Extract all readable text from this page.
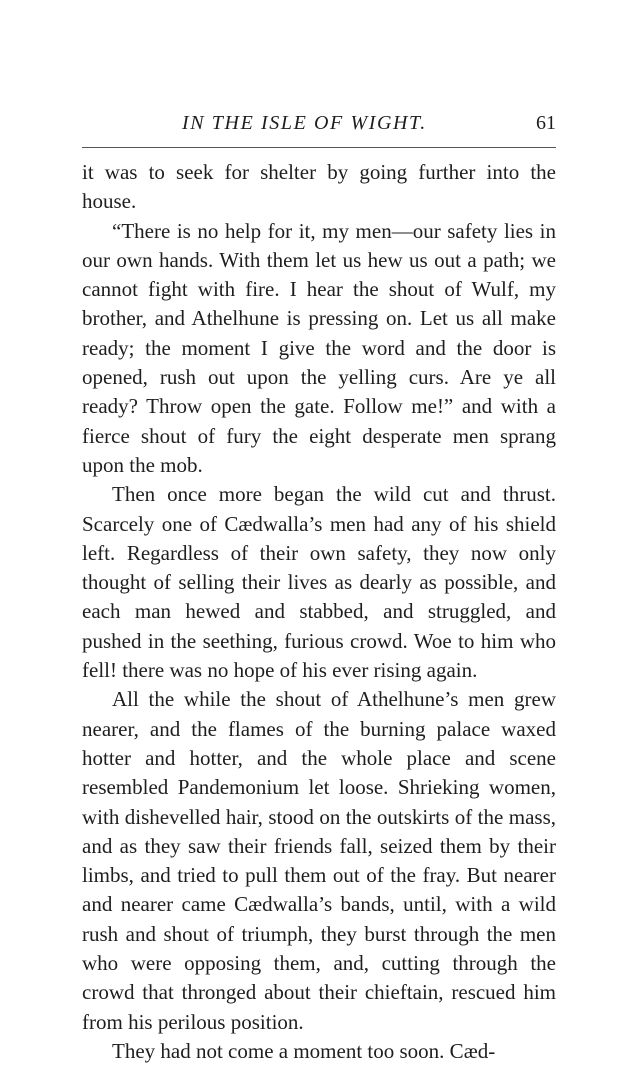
IN THE ISLE OF WIGHT.	61

it was to seek for shelter by going further into the house.

“There is no help for it, my men—our safety lies in our own hands. With them let us hew us out a path; we cannot fight with fire. I hear the shout of Wulf, my brother, and Athelhune is pressing on. Let us all make ready; the moment I give the word and the door is opened, rush out upon the yelling curs. Are ye all ready? Throw open the gate. Follow me!” and with a fierce shout of fury the eight desperate men sprang upon the mob.

Then once more began the wild cut and thrust. Scarcely one of Cædwalla’s men had any of his shield left. Regardless of their own safety, they now only thought of selling their lives as dearly as possible, and each man hewed and stabbed, and struggled, and pushed in the seething, furious crowd. Woe to him who fell! there was no hope of his ever rising again.

All the while the shout of Athelhune’s men grew nearer, and the flames of the burning palace waxed hotter and hotter, and the whole place and scene resembled Pandemonium let loose. Shrieking women, with dishevelled hair, stood on the outskirts of the mass, and as they saw their friends fall, seized them by their limbs, and tried to pull them out of the fray. But nearer and nearer came Cædwalla’s bands, until, with a wild rush and shout of triumph, they burst through the men who were opposing them, and, cutting through the crowd that thronged about their chieftain, rescued him from his perilous position.

They had not come a moment too soon. Cæd-
